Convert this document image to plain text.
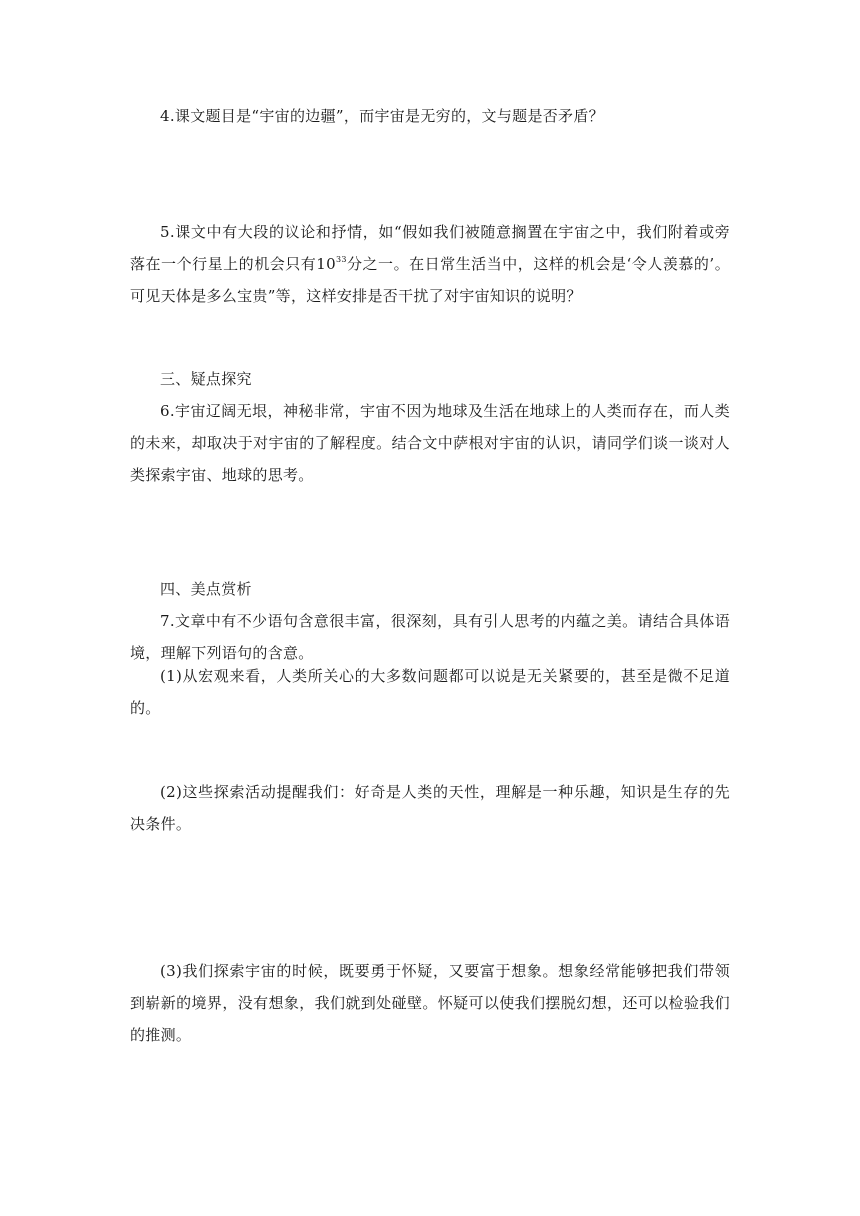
4.课文题目是“宇宙的边疆”，而宇宙是无穷的，文与题是否矛盾？
5.课文中有大段的议论和抒情，如“假如我们被随意搁置在宇宙之中，我们附着或旁落在一个行星上的机会只有$10^{33}$分之一。在日常生活当中，这样的机会是‘令人羡慕的’。可见天体是多么宝贵”等，这样安排是否干扰了对宇宙知识的说明？
三、疑点探究
6.宇宙辽阔无垠，神秘非常，宇宙不因为地球及生活在地球上的人类而存在，而人类的未来，却取决于对宇宙的了解程度。结合文中萨根对宇宙的认识，请同学们谈一谈对人类探索宇宙、地球的思考。
四、美点赏析
7.文章中有不少语句含意很丰富，很深刻，具有引人思考的内蕴之美。请结合具体语境，理解下列语句的含意。
(1)从宏观来看，人类所关心的大多数问题都可以说是无关紧要的，甚至是微不足道的。
(2)这些探索活动提醒我们：好奇是人类的天性，理解是一种乐趣，知识是生存的先决条件。
(3)我们探索宇宙的时候，既要勇于怀疑，又要富于想象。想象经常能够把我们带领到崭新的境界，没有想象，我们就到处碰壁。怀疑可以使我们摆脱幻想，还可以检验我们的推测。
